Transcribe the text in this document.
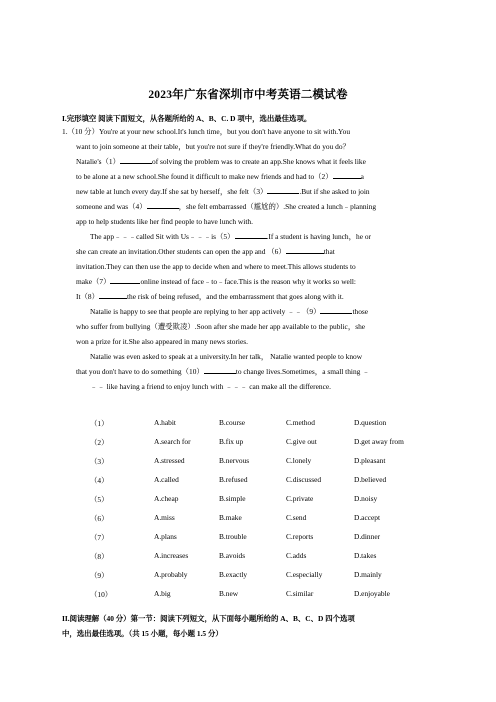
2023年广东省深圳市中考英语二模试卷
I.完形填空 阅读下面短文，从各题所给的 A、B、C. D 项中，选出最佳选项。
1.（10 分）You're at your new school.It's lunch time，but you don't have anyone to sit with.You
want to join someone at their table，but you're not sure if they're friendly.What do you do？
Natalie's（1）	of solving the problem was to create an app.She knows what it feels like
to be alone at a new school.She found it difficult to make new friends and had to（2）	a
new table at lunch every day.If she sat by herself，she felt（3）	.But if she asked to join
someone and was（4）	，she felt embarrassed（尴尬的）.She created a lunch﹣planning
app to help students like her find people to have lunch with.
The app﹣﹣﹣called Sit with Us﹣﹣﹣is（5）	.If a student is having lunch，he or
she can create an invitation.Other students can open the app and （6）	that
invitation.They can then use the app to decide when and where to meet.This allows students to
make（7）	online instead of face﹣to﹣face.This is the reason why it works so well:
It（8）	the risk of being refused，and the embarrassment that goes along with it.
Natalie is happy to see that people are replying to her app actively ﹣﹣（9）	those
who suffer from bullying（遭受欺凌）.Soon after she made her app available to the public，she
won a prize for it.She also appeared in many news stories.
Natalie was even asked to speak at a university.In her talk， Natalie wanted people to know
that you don't have to do something（10）	to change lives.Sometimes，a small thing ﹣
﹣﹣ like having a friend to enjoy lunch with ﹣﹣﹣ can make all the difference.
（1）	A.habit	B.course	C.method	D.question
（2）	A.search for	B.fix up	C.give out	D.get away from
（3）	A.stressed	B.nervous	C.lonely	D.pleasant
（4）	A.called	B.refused	C.discussed	D.believed
（5）	A.cheap	B.simple	C.private	D.noisy
（6）	A.miss	B.make	C.send	D.accept
（7）	A.plans	B.trouble	C.reports	D.dinner
（8）	A.increases	B.avoids	C.adds	D.takes
（9）	A.probably	B.exactly	C.especially	D.mainly
（10）	A.big	B.new	C.similar	D.enjoyable
II.阅读理解（40 分）第一节：阅读下列短文，从下面每小题所给的 A、B、C、D 四个选项
中，选出最佳选项。（共 15 小题，每小题 1.5 分）
